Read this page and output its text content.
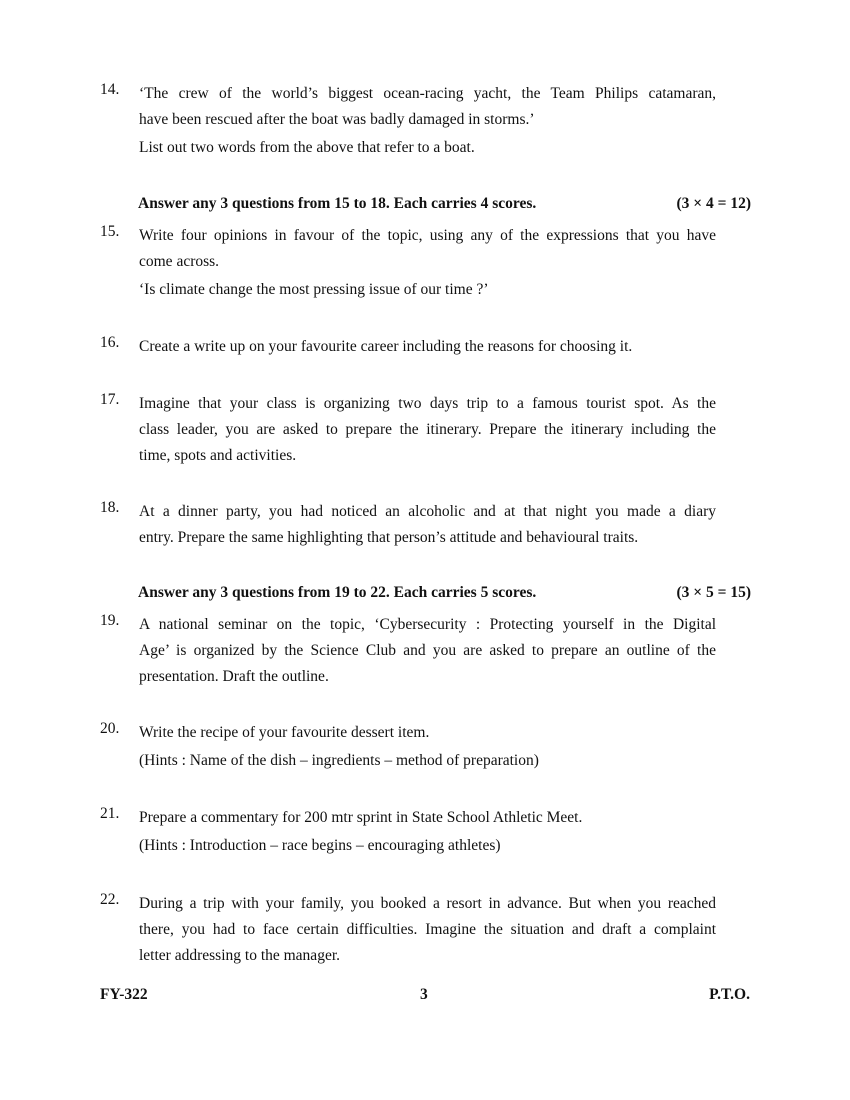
14. ‘The crew of the world’s biggest ocean-racing yacht, the Team Philips catamaran,
have been rescued after the boat was badly damaged in storms.’
List out two words from the above that refer to a boat.
Answer any 3 questions from 15 to 18. Each carries 4 scores.	(3 × 4 = 12)
15. Write four opinions in favour of the topic, using any of the expressions that you have
come across.
‘Is climate change the most pressing issue of our time ?’
16. Create a write up on your favourite career including the reasons for choosing it.
17. Imagine that your class is organizing two days trip to a famous tourist spot. As the
class leader, you are asked to prepare the itinerary. Prepare the itinerary including the
time, spots and activities.
18. At a dinner party, you had noticed an alcoholic and at that night you made a diary
entry. Prepare the same highlighting that person’s attitude and behavioural traits.
Answer any 3 questions from 19 to 22. Each carries 5 scores.	(3 × 5 = 15)
19. A national seminar on the topic, ‘Cybersecurity : Protecting yourself in the Digital
Age’ is organized by the Science Club and you are asked to prepare an outline of the
presentation. Draft the outline.
20. Write the recipe of your favourite dessert item.
(Hints : Name of the dish – ingredients – method of preparation)
21. Prepare a commentary for 200 mtr sprint in State School Athletic Meet.
(Hints : Introduction – race begins – encouraging athletes)
22. During a trip with your family, you booked a resort in advance. But when you reached
there, you had to face certain difficulties. Imagine the situation and draft a complaint
letter addressing to the manager.
FY-322	3	P.T.O.
